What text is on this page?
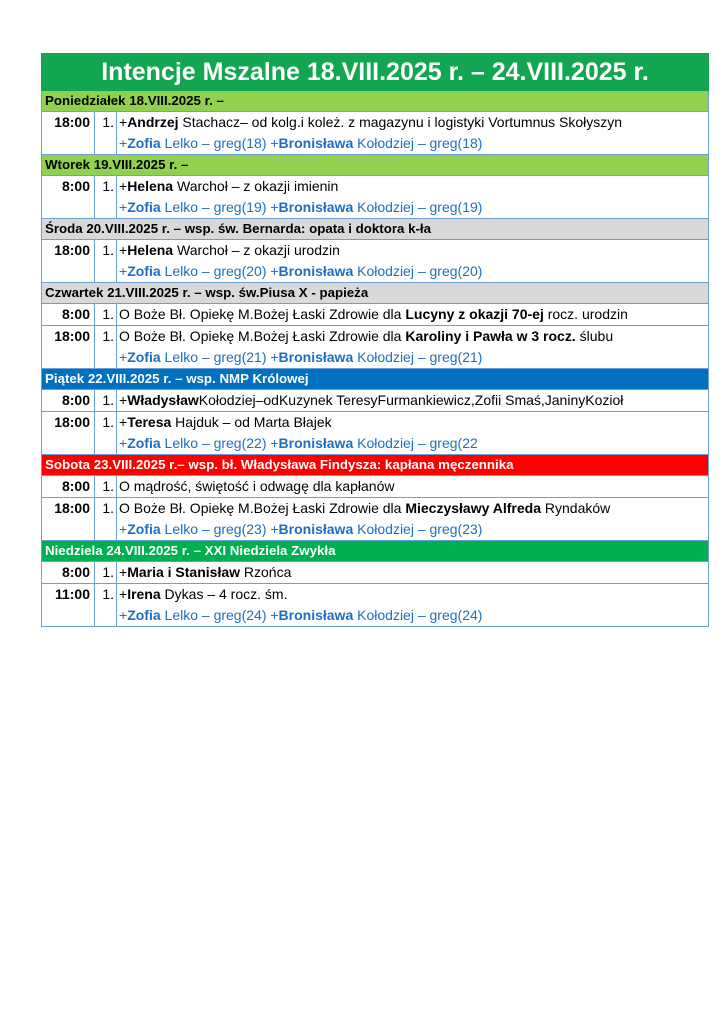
Intencje Mszalne 18.VIII.2025 r. – 24.VIII.2025 r.		
Poniedziałek 18.VIII.2025 r. –		
18:00	1.	+Andrzej Stachacz– od kolg.i koleż. z magazynu i logistyki Vortumnus Skołyszyn
+Zofia Lelko – greg(18) +Bronisława Kołodziej – greg(18)

Wtorek 19.VIII.2025 r. –		
8:00	1.	+Helena Warchoł – z okazji imienin
+Zofia Lelko – greg(19) +Bronisława Kołodziej – greg(19)

Środa 20.VIII.2025 r. – wsp. św. Bernarda: opata i doktora k-ła		
18:00	1.	+Helena Warchoł – z okazji urodzin
+Zofia Lelko – greg(20) +Bronisława Kołodziej – greg(20)

Czwartek 21.VIII.2025 r. – wsp. św.Piusa X - papieża		
8:00	1.	O Boże Bł. Opiekę M.Bożej Łaski Zdrowie dla Lucyny z okazji 70-ej rocz. urodzin

18:00	1.	O Boże Bł. Opiekę M.Bożej Łaski Zdrowie dla Karoliny i Pawła w 3 rocz. ślubu
+Zofia Lelko – greg(21) +Bronisława Kołodziej – greg(21)

Piątek 22.VIII.2025 r. – wsp. NMP Królowej		
8:00	1.	+WładysławKołodziej–odKuzynek TeresyFurmankiewicz,Zofii Smaś,JaninyKozioł

18:00	1.	+Teresa Hajduk – od Marta Błajek
+Zofia Lelko – greg(22) +Bronisława Kołodziej – greg(22

Sobota 23.VIII.2025 r.– wsp. bł. Władysława Findysza: kapłana męczennika		
8:00	1.	O mądrość, świętość i odwagę dla kapłanów

18:00	1.	O Boże Bł. Opiekę M.Bożej Łaski Zdrowie dla Mieczysławy Alfreda Ryndaków
+Zofia Lelko – greg(23) +Bronisława Kołodziej – greg(23)

Niedziela 24.VIII.2025 r. – XXI Niedziela Zwykła		
8:00	1.	+Maria i Stanisław Rzońca

11:00	1.	+Irena Dykas – 4 rocz. śm.
+Zofia Lelko – greg(24) +Bronisława Kołodziej – greg(24)
